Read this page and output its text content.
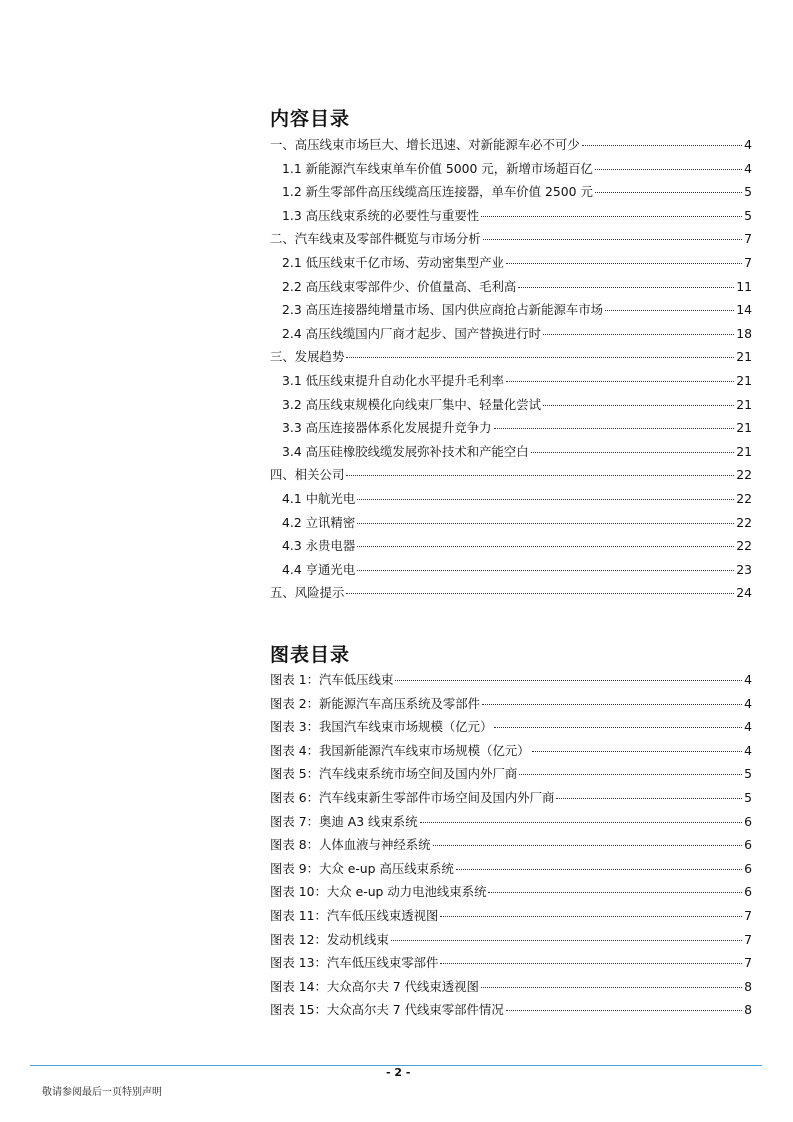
内容目录
一、高压线束市场巨大、增长迅速、对新能源车必不可少	4
1.1 新能源汽车线束单车价值 5000 元，新增市场超百亿	4
1.2 新生零部件高压线缆高压连接器，单车价值 2500 元	5
1.3 高压线束系统的必要性与重要性	5
二、汽车线束及零部件概览与市场分析	7
2.1 低压线束千亿市场、劳动密集型产业	7
2.2 高压线束零部件少、价值量高、毛利高	11
2.3 高压连接器纯增量市场、国内供应商抢占新能源车市场	14
2.4 高压线缆国内厂商才起步、国产替换进行时	18
三、发展趋势	21
3.1 低压线束提升自动化水平提升毛利率	21
3.2 高压线束规模化向线束厂集中、轻量化尝试	21
3.3 高压连接器体系化发展提升竞争力	21
3.4 高压硅橡胶线缆发展弥补技术和产能空白	21
四、相关公司	22
4.1 中航光电	22
4.2 立讯精密	22
4.3 永贵电器	22
4.4 亨通光电	23
五、风险提示	24
图表目录
图表 1：汽车低压线束	4
图表 2：新能源汽车高压系统及零部件	4
图表 3：我国汽车线束市场规模（亿元）	4
图表 4：我国新能源汽车线束市场规模（亿元）	4
图表 5：汽车线束系统市场空间及国内外厂商	5
图表 6：汽车线束新生零部件市场空间及国内外厂商	5
图表 7：奥迪 A3 线束系统	6
图表 8：人体血液与神经系统	6
图表 9：大众 e-up 高压线束系统	6
图表 10：大众 e-up 动力电池线束系统	6
图表 11：汽车低压线束透视图	7
图表 12：发动机线束	7
图表 13：汽车低压线束零部件	7
图表 14：大众高尔夫 7 代线束透视图	8
图表 15：大众高尔夫 7 代线束零部件情况	8
- 2 -
敬请参阅最后一页特别声明
